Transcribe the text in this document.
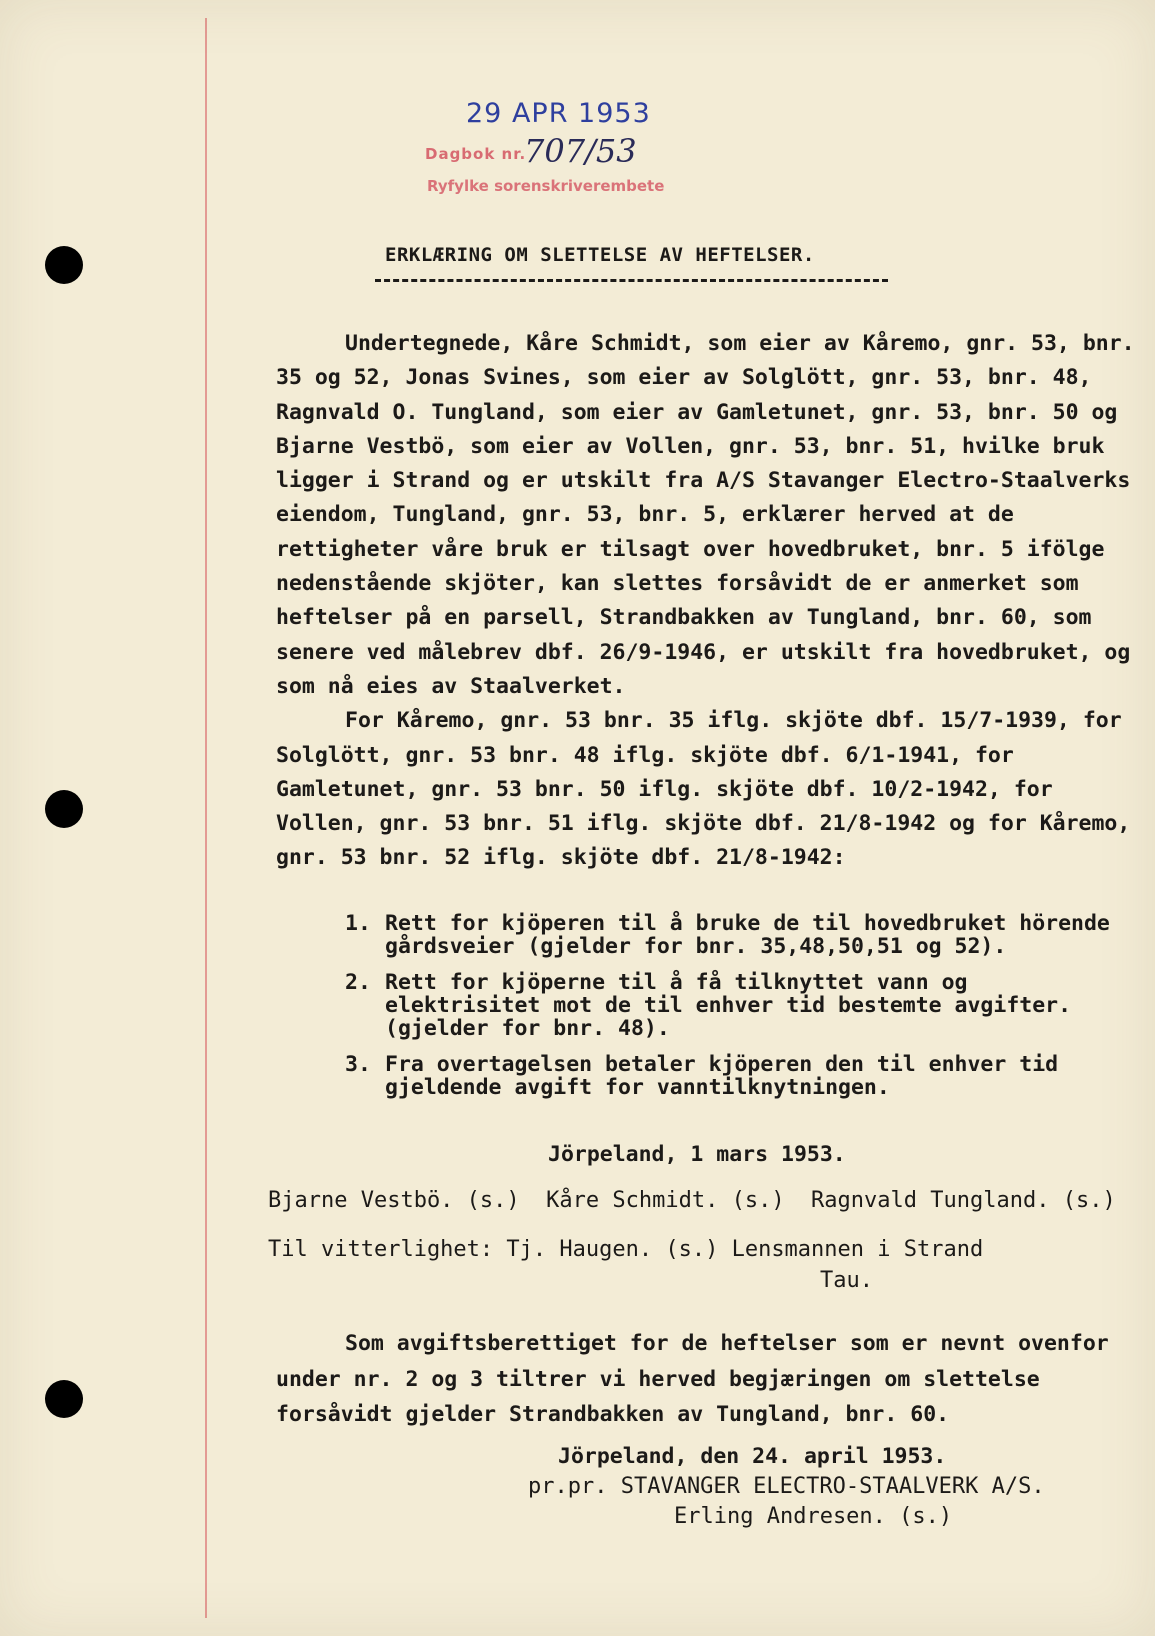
29 APR 1953
Dagbok nr.
707/53
Ryfylke sorenskriverembete
ERKLÆRING OM SLETTELSE AV HEFTELSER.

Undertegnede, Kåre Schmidt, som eier av Kåremo, gnr. 53, bnr. 35 og 52, Jonas Svines, som eier av Solglött, gnr. 53, bnr. 48, Ragnvald O. Tungland, som eier av Gamletunet, gnr. 53, bnr. 50 og Bjarne Vestbö, som eier av Vollen, gnr. 53, bnr. 51, hvilke bruk ligger i Strand og er utskilt fra A/S Stavanger Electro-Staalverks eiendom, Tungland, gnr. 53, bnr. 5, erklærer herved at de rettigheter våre bruk er tilsagt over hovedbruket, bnr. 5 ifölge nedenstående skjöter, kan slettes forsåvidt de er anmerket som heftelser på en parsell, Strandbakken av Tungland, bnr. 60, som senere ved målebrev dbf. 26/9-1946, er utskilt fra hovedbruket, og som nå eies av Staalverket.

For Kåremo, gnr. 53 bnr. 35 iflg. skjöte dbf. 15/7-1939, for Solglött, gnr. 53 bnr. 48 iflg. skjöte dbf. 6/1-1941, for Gamletunet, gnr. 53 bnr. 50 iflg. skjöte dbf. 10/2-1942, for Vollen, gnr. 53 bnr. 51 iflg. skjöte dbf. 21/8-1942 og for Kåremo, gnr. 53 bnr. 52 iflg. skjöte dbf. 21/8-1942:

1. Rett for kjöperen til å bruke de til hovedbruket hörende gårdsveier (gjelder for bnr. 35,48,50,51 og 52).
2. Rett for kjöperne til å få tilknyttet vann og elektrisitet mot de til enhver tid bestemte avgifter. (gjelder for bnr. 48).
3. Fra overtagelsen betaler kjöperen den til enhver tid gjeldende avgift for vanntilknytningen.
Jörpeland, 1 mars 1953.
Bjarne Vestbö. (s.)  Kåre Schmidt. (s.)  Ragnvald Tungland. (s.)
Til vitterlighet: Tj. Haugen. (s.) Lensmannen i Strand
Tau.

Som avgiftsberettiget for de heftelser som er nevnt ovenfor under nr. 2 og 3 tiltrer vi herved begjæringen om slettelse forsåvidt gjelder Strandbakken av Tungland, bnr. 60.

Jörpeland, den 24. april 1953.
pr.pr. STAVANGER ELECTRO-STAALVERK A/S.
Erling Andresen. (s.)
